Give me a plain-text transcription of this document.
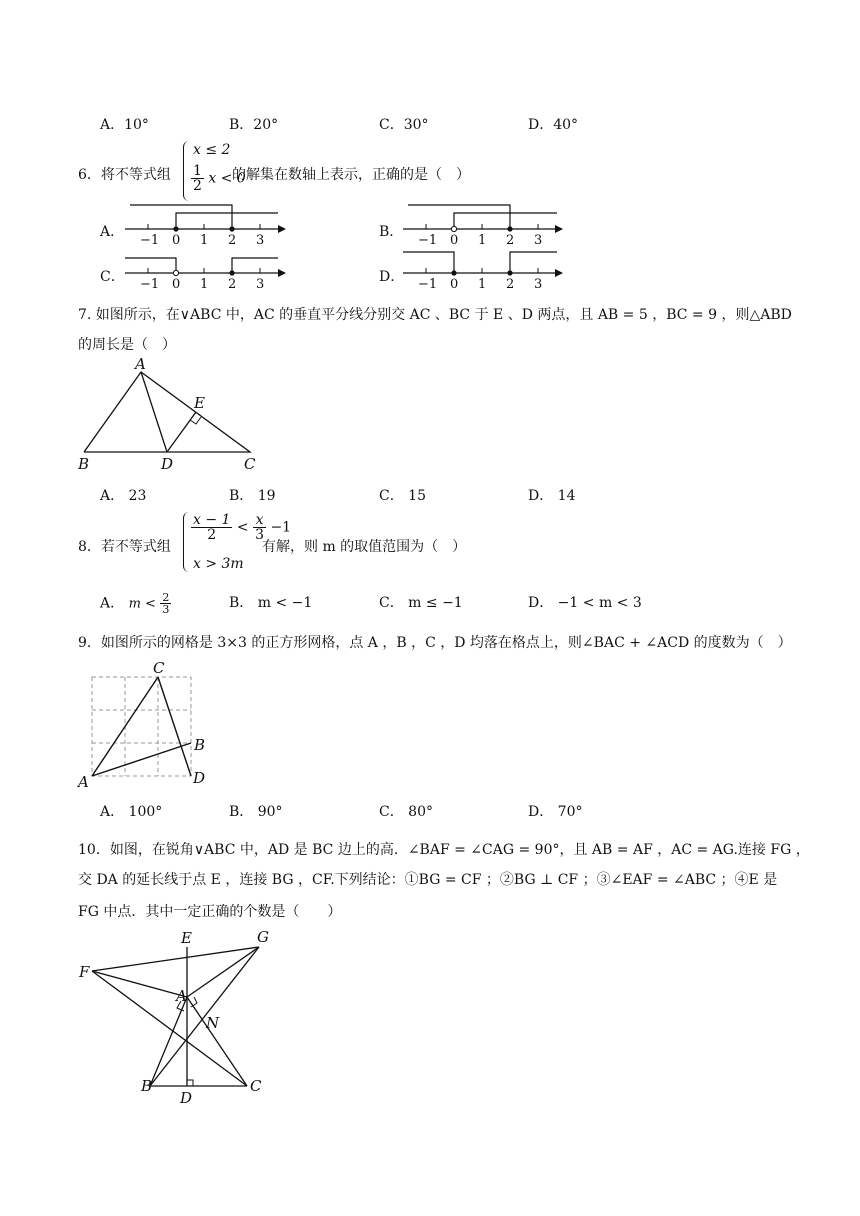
A．10°	B．20°	C．30°	D．40°
6．将不等式组
x ≤ 2
$\frac{1}{2}$ x < 0
的解集在数轴上表示，正确的是（　）
A．	B．
C．	D．
−1 0 1 2 3	−1 0 1 2 3
−1 0 1 2 3	−1 0 1 2 3
7. 如图所示，在∨ABC 中，AC 的垂直平分线分别交 AC 、BC 于 E 、D 两点，且 AB = 5 ，BC = 9 ，则△ABD
的周长是（　）
A
B	C
D
E
A． 23	B． 19	C． 15	D． 14
8．若不等式组
$\frac{x - 1}{2} < \frac{x}{3} -1$
x > 3m
有解，则 m 的取值范围为（　）
A． $m < \frac{2}{3}$	B． m < −1	C． m ≤ −1	D． −1 < m < 3
9．如图所示的网格是 3×3 的正方形网格，点 A ，B ，C ，D 均落在格点上，则∠BAC + ∠ACD 的度数为（　）
C
A
B
D
A． 100°	B． 90°	C． 80°	D． 70°
10．如图，在锐角∨ABC 中，AD 是 BC 边上的高．∠BAF = ∠CAG = 90°，且 AB = AF ，AC = AG.连接 FG ，
交 DA 的延长线于点 E ，连接 BG ，CF.下列结论：①BG = CF ；②BG ⊥ CF ；③∠EAF = ∠ABC ；④E 是
FG 中点．其中一定正确的个数是（　　）
E	G
F
A
N
B
D
C
